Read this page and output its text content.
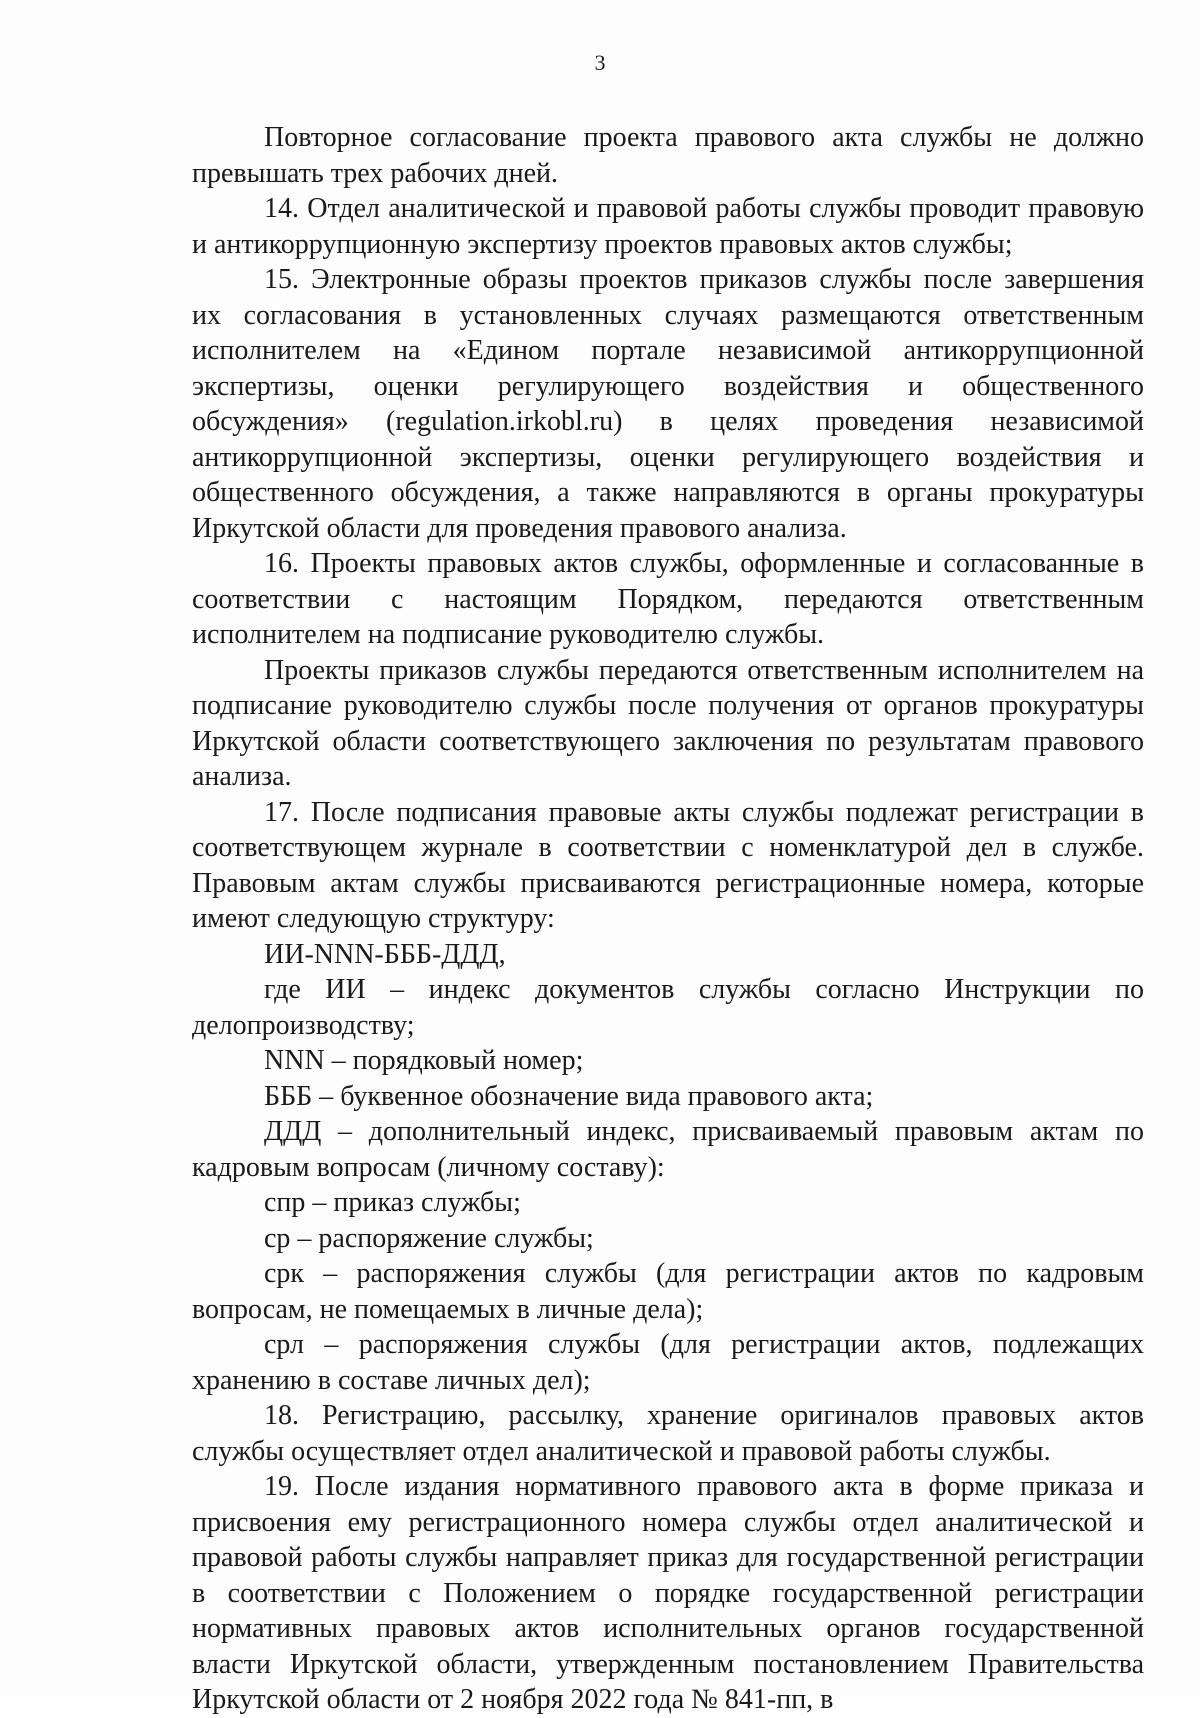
3

Повторное согласование проекта правового акта службы не должно превышать трех рабочих дней.

14. Отдел аналитической и правовой работы службы проводит правовую и антикоррупционную экспертизу проектов правовых актов службы;

15. Электронные образы проектов приказов службы после завершения их согласования в установленных случаях размещаются ответственным исполнителем на «Едином портале независимой антикоррупционной экспертизы, оценки регулирующего воздействия и общественного обсуждения» (regulation.irkobl.ru) в целях проведения независимой антикоррупционной экспертизы, оценки регулирующего воздействия и общественного обсуждения, а также направляются в органы прокуратуры Иркутской области для проведения правового анализа.

16. Проекты правовых актов службы, оформленные и согласованные в соответствии с настоящим Порядком, передаются ответственным исполнителем на подписание руководителю службы.

Проекты приказов службы передаются ответственным исполнителем на подписание руководителю службы после получения от органов прокуратуры Иркутской области соответствующего заключения по результатам правового анализа.

17. После подписания правовые акты службы подлежат регистрации в соответствующем журнале в соответствии с номенклатурой дел в службе. Правовым актам службы присваиваются регистрационные номера, которые имеют следующую структуру:

ИИ-NNN-БББ-ДДД,

где ИИ – индекс документов службы согласно Инструкции по делопроизводству;

NNN – порядковый номер;

БББ – буквенное обозначение вида правового акта;

ДДД – дополнительный индекс, присваиваемый правовым актам по кадровым вопросам (личному составу):

спр – приказ службы;

ср – распоряжение службы;

срк – распоряжения службы (для регистрации актов по кадровым вопросам, не помещаемых в личные дела);

срл – распоряжения службы (для регистрации актов, подлежащих хранению в составе личных дел);

18. Регистрацию, рассылку, хранение оригиналов правовых актов службы осуществляет отдел аналитической и правовой работы службы.

19. После издания нормативного правового акта в форме приказа и присвоения ему регистрационного номера службы отдел аналитической и правовой работы службы направляет приказ для государственной регистрации в соответствии с Положением о порядке государственной регистрации нормативных правовых актов исполнительных органов государственной власти Иркутской области, утвержденным постановлением Правительства Иркутской области от 2 ноября 2022 года № 841-пп, в
